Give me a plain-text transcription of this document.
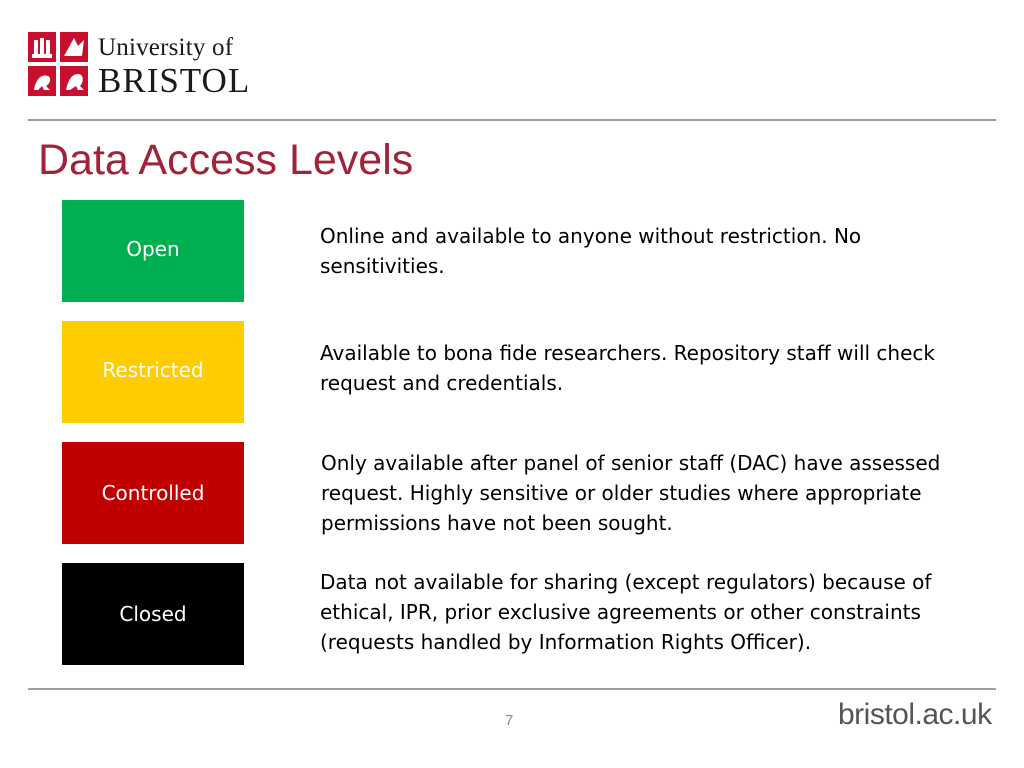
University of
BRISTOL
Data Access Levels
Open
Online and available to anyone without restriction. No sensitivities.
Restricted
Available to bona fide researchers. Repository staff will check request and credentials.
Controlled
Only available after panel of senior staff (DAC) have assessed request. Highly sensitive or older studies where appropriate permissions have not been sought.
Closed
Data not available for sharing (except regulators) because of ethical, IPR, prior exclusive agreements or other constraints (requests handled by Information Rights Officer).
7	bristol.ac.uk
